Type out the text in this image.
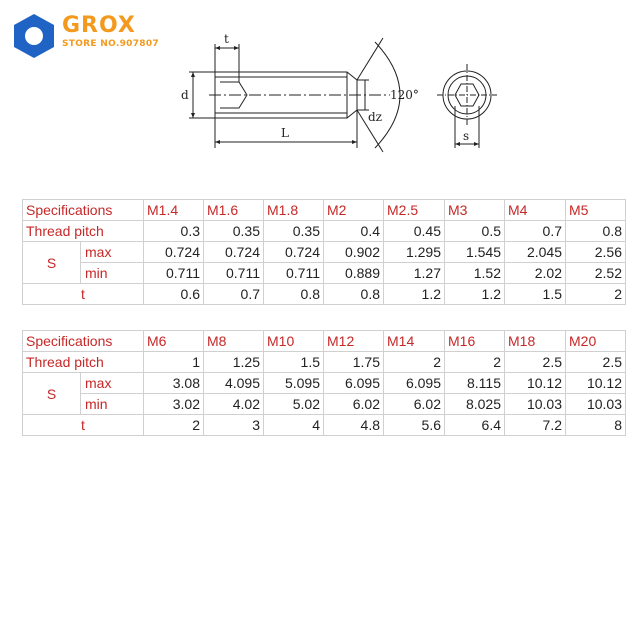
GROX
STORE NO.907807	t
d
L
dz
120°
s
Specifications		M1.4	M1.6	M1.8	M2	M2.5	M3	M4	M5
Thread pitch		0.3	0.35	0.35	0.4	0.45	0.5	0.7	0.8
S	max	0.724	0.724	0.724	0.902	1.295	1.545	2.045	2.56
	min	0.711	0.711	0.711	0.889	1.27	1.52	2.02	2.52
t		0.6	0.7	0.8	0.8	1.2	1.2	1.5	2
Specifications		M6	M8	M10	M12	M14	M16	M18	M20
Thread pitch		1	1.25	1.5	1.75	2	2	2.5	2.5
S	max	3.08	4.095	5.095	6.095	6.095	8.115	10.12	10.12
	min	3.02	4.02	5.02	6.02	6.02	8.025	10.03	10.03
t		2	3	4	4.8	5.6	6.4	7.2	8
